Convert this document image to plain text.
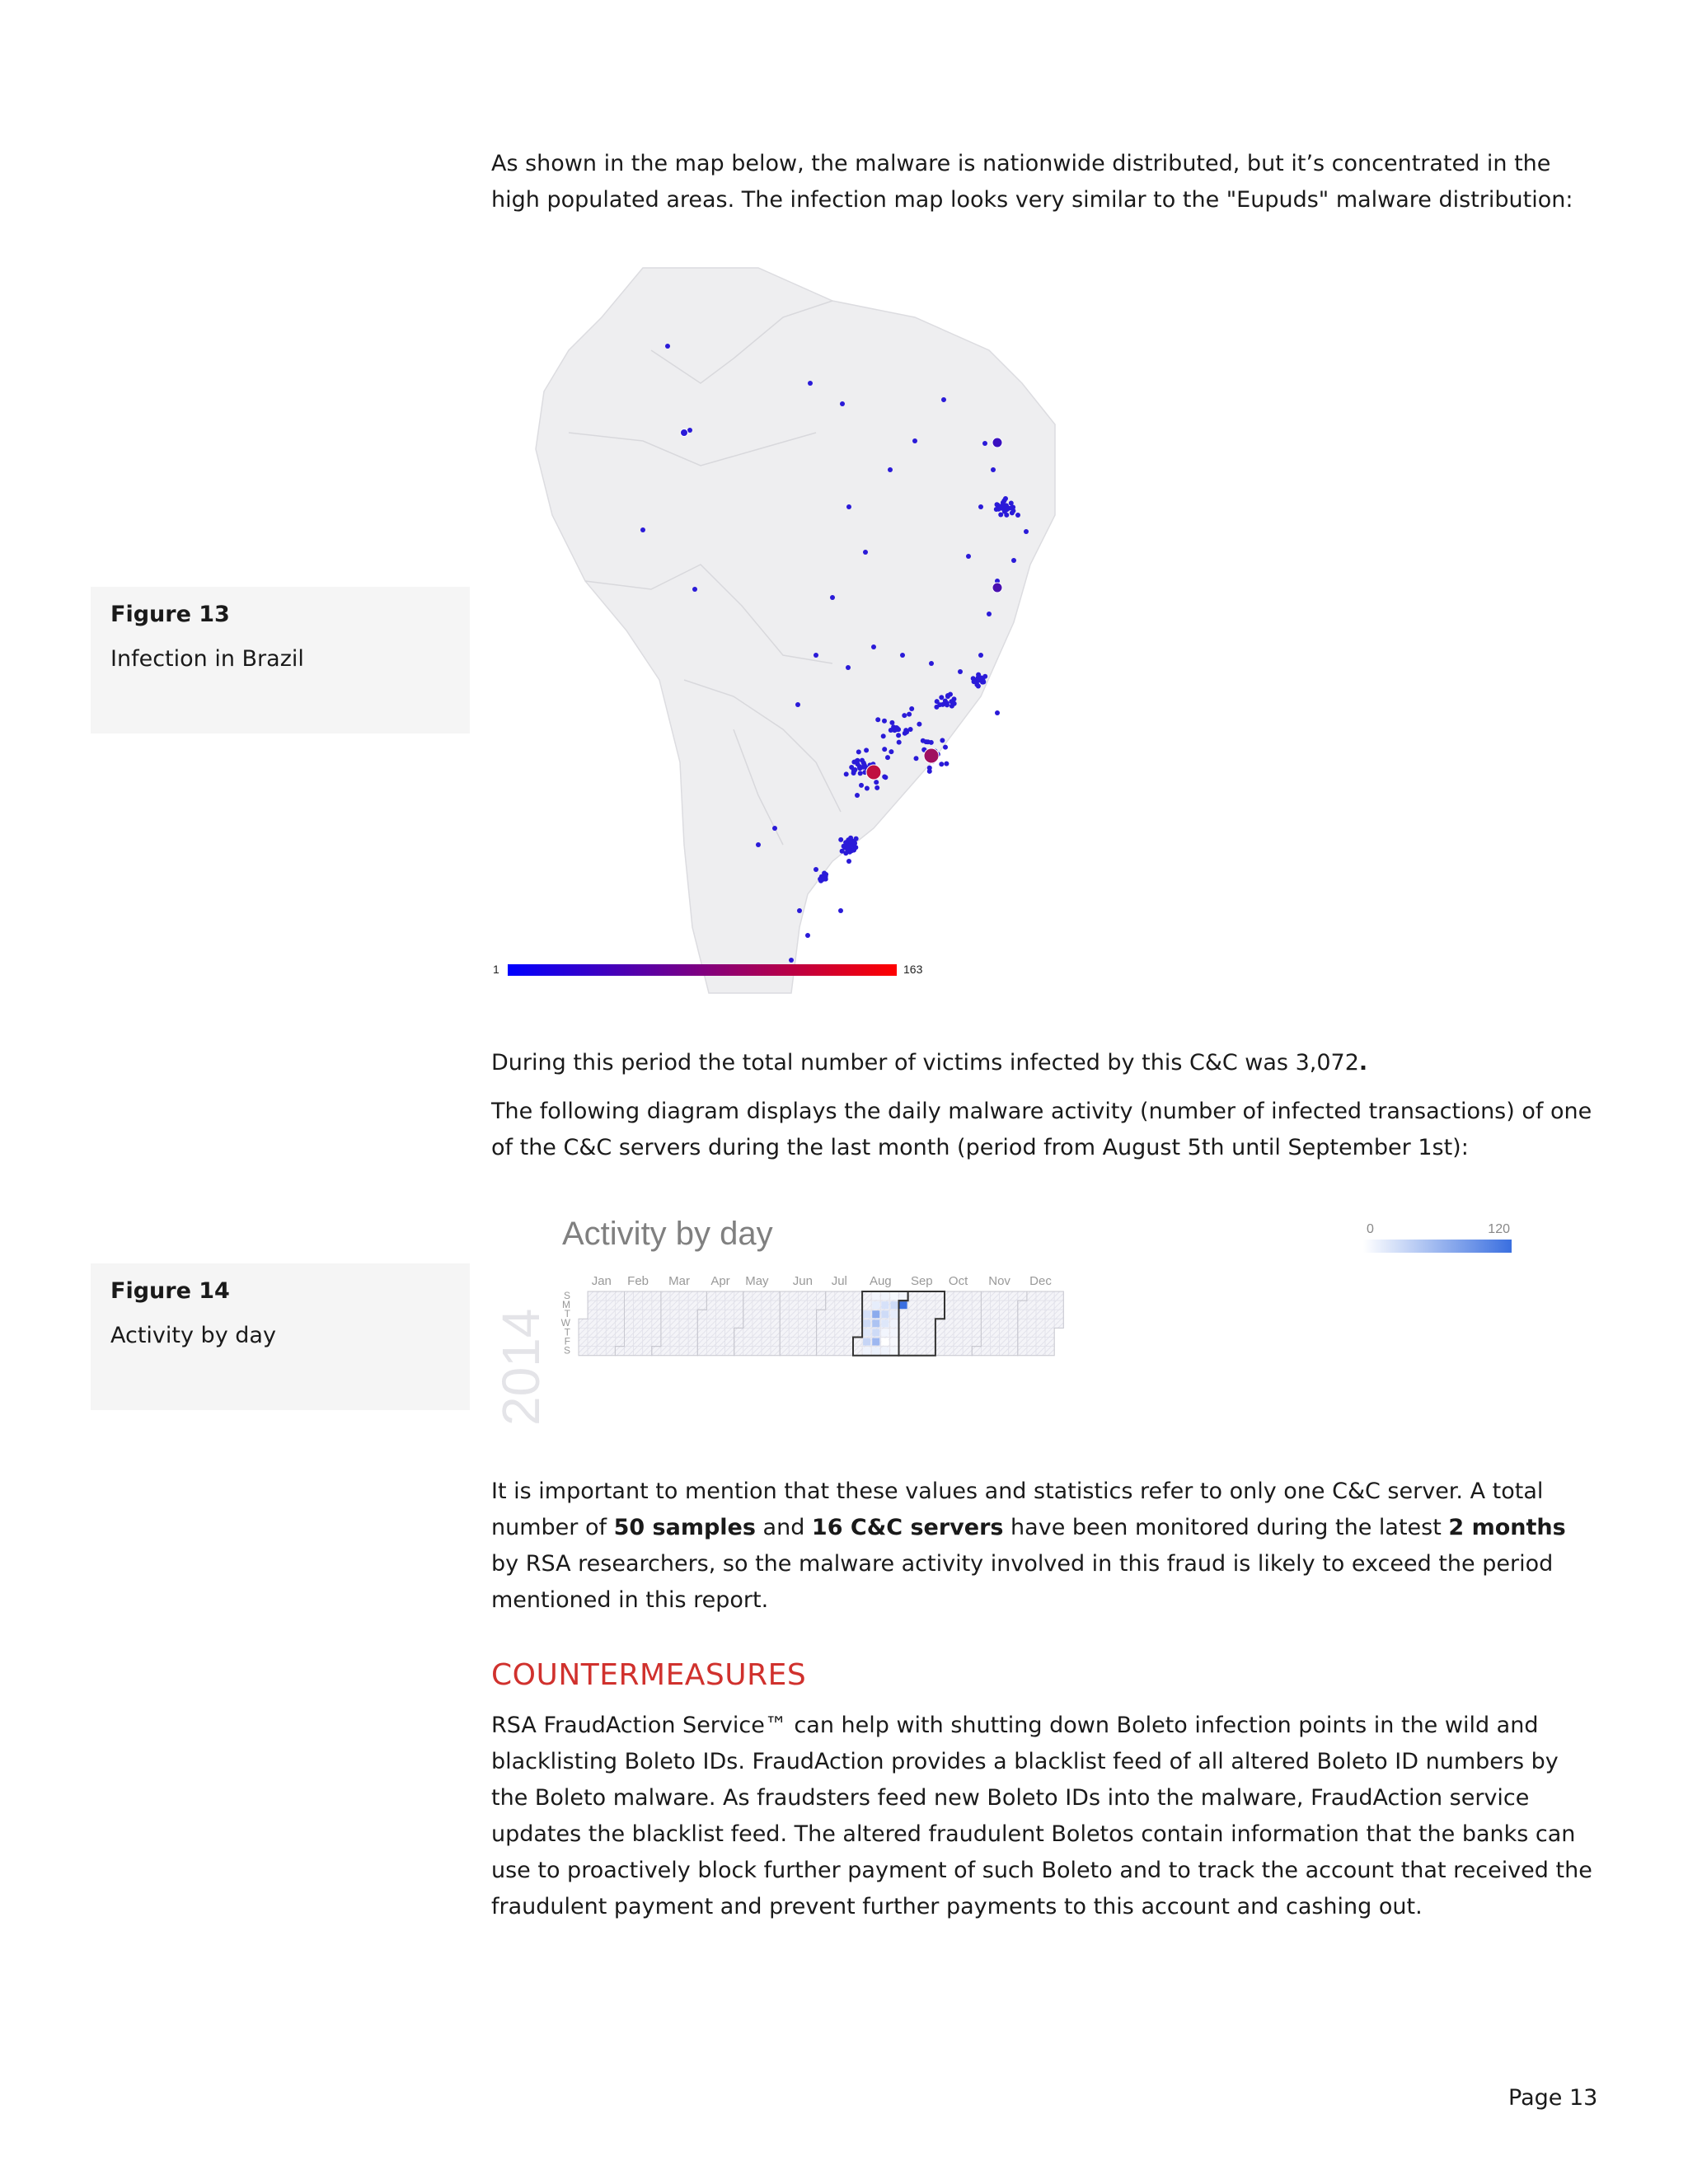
As shown in the map below, the malware is nationwide distributed, but it’s concentrated in the
high populated areas. The infection map looks very similar to the "Eupuds" malware distribution:

Figure 13
Infection in Brazil
1	163

During this period the total number of victims infected by this C&C was 3,072.

The following diagram displays the daily malware activity (number of infected transactions) of one
of the C&C servers during the last month (period from August 5th until September 1st):

Figure 14
Activity by day
Activity by day	0	120
2014
Jan Feb Mar Apr May Jun Jul Aug Sep Oct Nov Dec
S
M
T
W
T
F
S

It is important to mention that these values and statistics refer to only one C&C server. A total
number of 50 samples and 16 C&C servers have been monitored during the latest 2 months
by RSA researchers, so the malware activity involved in this fraud is likely to exceed the period
mentioned in this report.

COUNTERMEASURES

RSA FraudAction Service™ can help with shutting down Boleto infection points in the wild and
blacklisting Boleto IDs. FraudAction provides a blacklist feed of all altered Boleto ID numbers by
the Boleto malware. As fraudsters feed new Boleto IDs into the malware, FraudAction service
updates the blacklist feed. The altered fraudulent Boletos contain information that the banks can
use to proactively block further payment of such Boleto and to track the account that received the
fraudulent payment and prevent further payments to this account and cashing out.

Page 13
